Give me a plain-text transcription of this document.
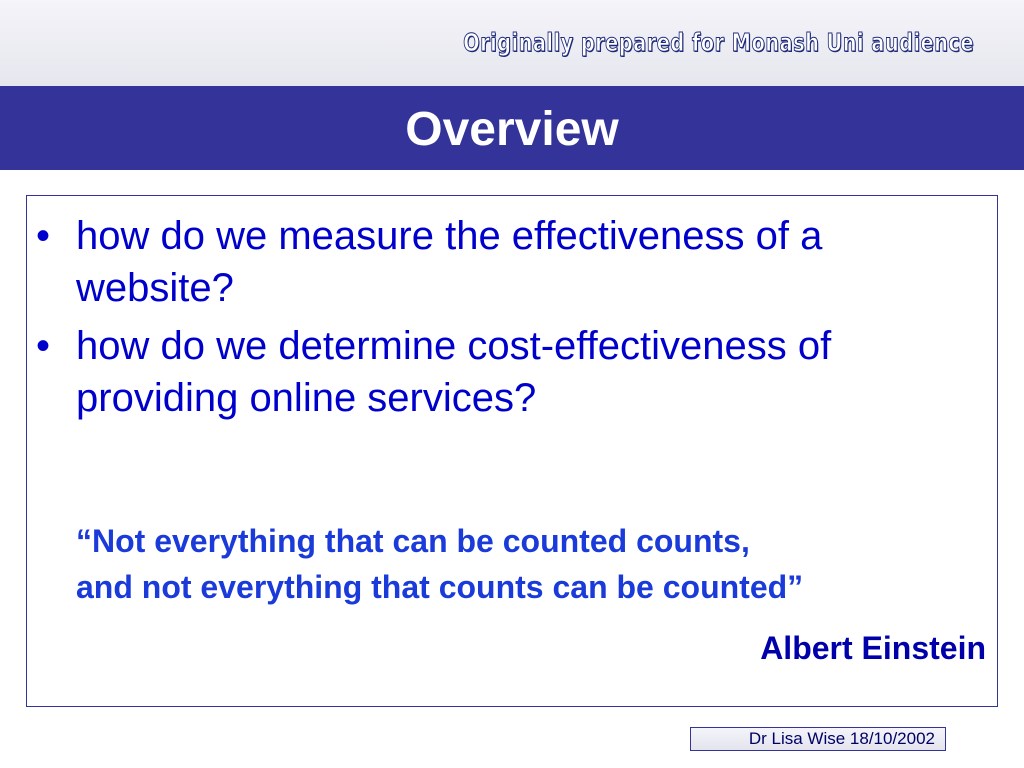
Originally prepared for Monash Uni audience
Overview
• how do we measure the effectiveness of a
website?
• how do we determine cost-effectiveness of
providing online services?
“Not everything that can be counted counts,
and not everything that counts can be counted”
Albert Einstein
Dr Lisa Wise 18/10/2002
